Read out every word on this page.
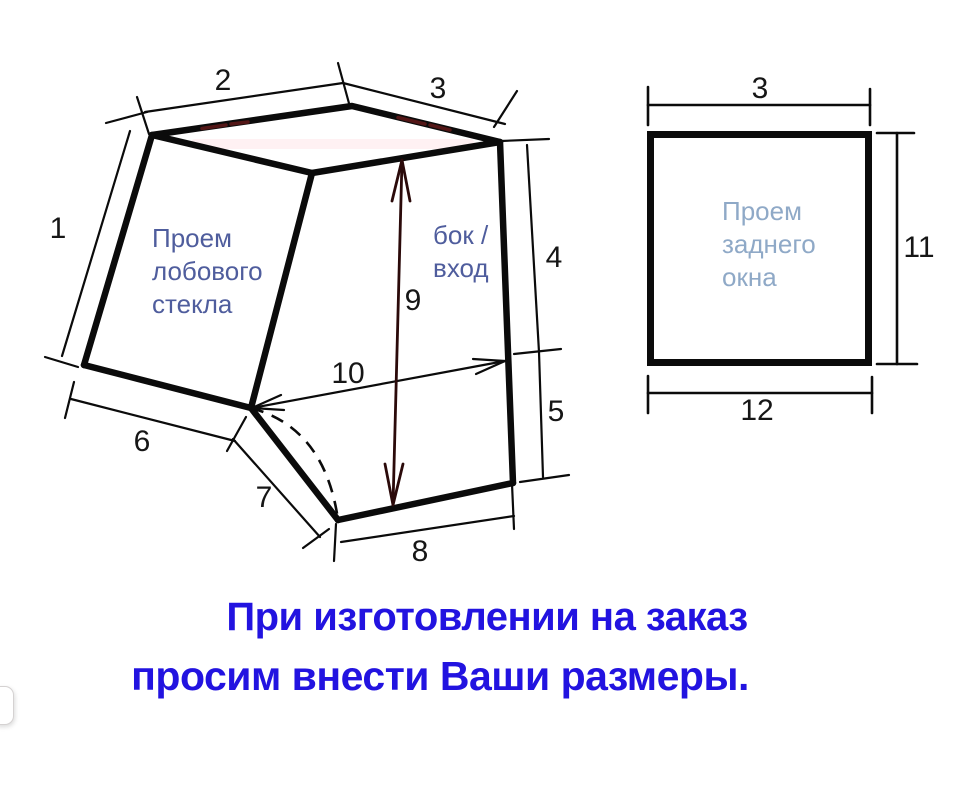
1
2	3
4
5
6
7
8
9
10
3
11
12
Проем
лобового
стекла
бок /
вход
Проем
заднего
окна
При изготовлении на заказ
просим внести Ваши размеры.
